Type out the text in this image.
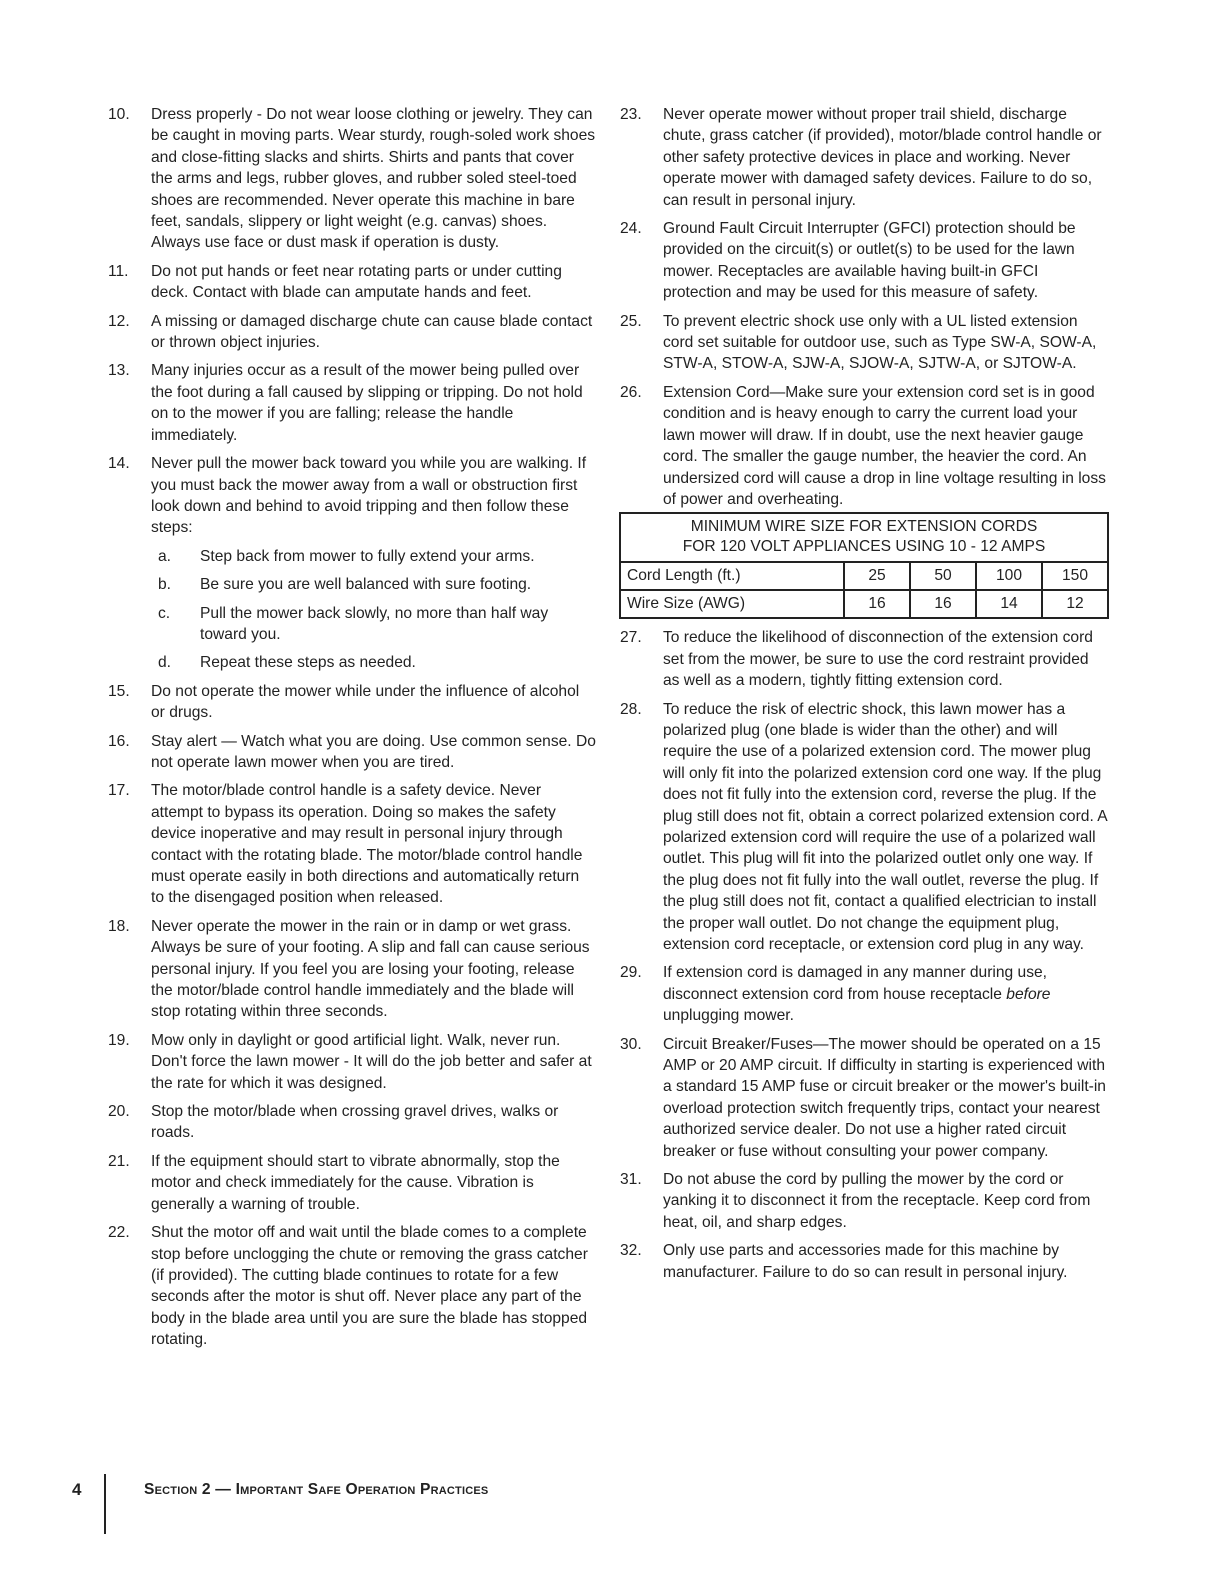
10.	Dress properly - Do not wear loose clothing or jewelry. They can be caught in moving parts. Wear sturdy, rough-soled work shoes and close-fitting slacks and shirts. Shirts and pants that cover the arms and legs, rubber gloves, and rubber soled steel-toed shoes are recommended. Never operate this machine in bare feet, sandals, slippery or light weight (e.g. canvas) shoes. Always use face or dust mask if operation is dusty.
11.	Do not put hands or feet near rotating parts or under cutting deck. Contact with blade can amputate hands and feet.
12.	A missing or damaged discharge chute can cause blade contact or thrown object injuries.
13.	Many injuries occur as a result of the mower being pulled over the foot during a fall caused by slipping or tripping. Do not hold on to the mower if you are falling; release the handle immediately.
14.	Never pull the mower back toward you while you are walking. If you must back the mower away from a wall or obstruction first look down and behind to avoid tripping and then follow these steps:
a.	Step back from mower to fully extend your arms.
b.	Be sure you are well balanced with sure footing.
c.	Pull the mower back slowly, no more than half way toward you.
d.	Repeat these steps as needed.
15.	Do not operate the mower while under the influence of alcohol or drugs.
16.	Stay alert — Watch what you are doing. Use common sense. Do not operate lawn mower when you are tired.
17.	The motor/blade control handle is a safety device. Never attempt to bypass its operation. Doing so makes the safety device inoperative and may result in personal injury through contact with the rotating blade. The motor/blade control handle must operate easily in both directions and automatically return to the disengaged position when released.
18.	Never operate the mower in the rain or in damp or wet grass. Always be sure of your footing. A slip and fall can cause serious personal injury. If you feel you are losing your footing, release the motor/blade control handle immediately and the blade will stop rotating within three seconds.
19.	Mow only in daylight or good artificial light. Walk, never run. Don't force the lawn mower - It will do the job better and safer at the rate for which it was designed.
20.	Stop the motor/blade when crossing gravel drives, walks or roads.
21.	If the equipment should start to vibrate abnormally, stop the motor and check immediately for the cause. Vibration is generally a warning of trouble.
22.	Shut the motor off and wait until the blade comes to a complete stop before unclogging the chute or removing the grass catcher (if provided). The cutting blade continues to rotate for a few seconds after the motor is shut off. Never place any part of the body in the blade area until you are sure the blade has stopped rotating.
23.	Never operate mower without proper trail shield, discharge chute, grass catcher (if provided), motor/blade control handle or other safety protective devices in place and working. Never operate mower with damaged safety devices. Failure to do so, can result in personal injury.
24.	Ground Fault Circuit Interrupter (GFCI) protection should be provided on the circuit(s) or outlet(s) to be used for the lawn mower. Receptacles are available having built-in GFCI protection and may be used for this measure of safety.
25.	To prevent electric shock use only with a UL listed extension cord set suitable for outdoor use, such as Type SW-A, SOW-A, STW-A, STOW-A, SJW-A, SJOW-A, SJTW-A, or SJTOW-A.
26.	Extension Cord—Make sure your extension cord set is in good condition and is heavy enough to carry the current load your lawn mower will draw. If in doubt, use the next heavier gauge cord. The smaller the gauge number, the heavier the cord. An undersized cord will cause a drop in line voltage resulting in loss of power and overheating.
MINIMUM WIRE SIZE FOR EXTENSION CORDS
FOR 120 VOLT APPLIANCES USING 10 - 12 AMPS				

Cord Length (ft.)	25	50	100	150
Wire Size (AWG)	16	16	14	12
27.	To reduce the likelihood of disconnection of the extension cord set from the mower, be sure to use the cord restraint provided as well as a modern, tightly fitting extension cord.
28.	To reduce the risk of electric shock, this lawn mower has a polarized plug (one blade is wider than the other) and will require the use of a polarized extension cord. The mower plug will only fit into the polarized extension cord one way. If the plug does not fit fully into the extension cord, reverse the plug. If the plug still does not fit, obtain a correct polarized extension cord. A polarized extension cord will require the use of a polarized wall outlet. This plug will fit into the polarized outlet only one way. If the plug does not fit fully into the wall outlet, reverse the plug. If the plug still does not fit, contact a qualified electrician to install the proper wall outlet. Do not change the equipment plug, extension cord receptacle, or extension cord plug in any way.
29.	If extension cord is damaged in any manner during use, disconnect extension cord from house receptacle before unplugging mower.
30.	Circuit Breaker/Fuses—The mower should be operated on a 15 AMP or 20 AMP circuit. If difficulty in starting is experienced with a standard 15 AMP fuse or circuit breaker or the mower's built-in overload protection switch frequently trips, contact your nearest authorized service dealer. Do not use a higher rated circuit breaker or fuse without consulting your power company.
31.	Do not abuse the cord by pulling the mower by the cord or yanking it to disconnect it from the receptacle. Keep cord from heat, oil, and sharp edges.
32.	Only use parts and accessories made for this machine by manufacturer. Failure to do so can result in personal injury.
4	Section 2 — Important Safe Operation Practices
